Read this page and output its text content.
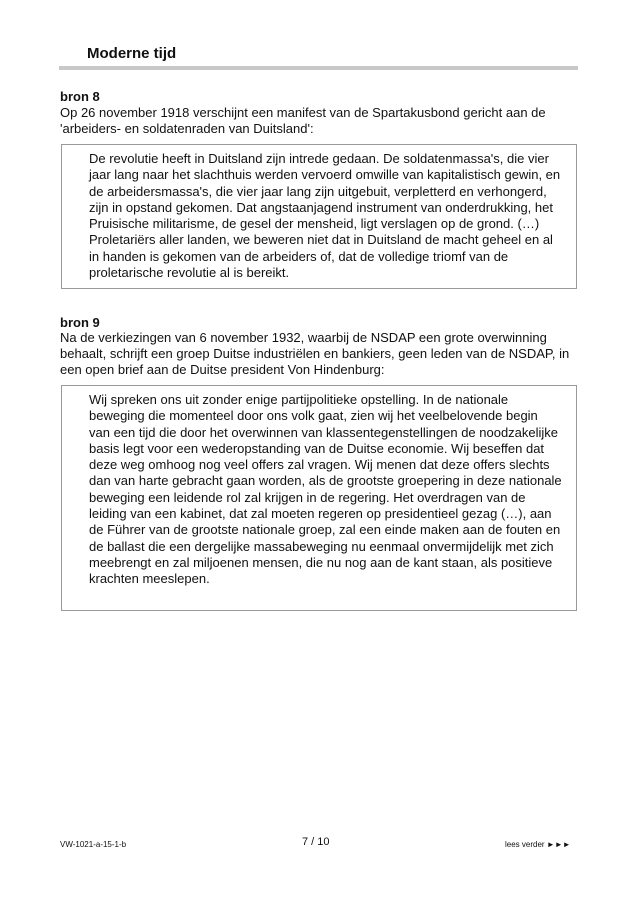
Moderne tijd
bron 8
Op 26 november 1918 verschijnt een manifest van de Spartakusbond gericht aan de 'arbeiders- en soldatenraden van Duitsland':
De revolutie heeft in Duitsland zijn intrede gedaan. De soldatenmassa's, die vier jaar lang naar het slachthuis werden vervoerd omwille van kapitalistisch gewin, en de arbeidersmassa's, die vier jaar lang zijn uitgebuit, verpletterd en verhongerd, zijn in opstand gekomen. Dat angstaanjagend instrument van onderdrukking, het Pruisische militarisme, de gesel der mensheid, ligt verslagen op de grond. (…) Proletariërs aller landen, we beweren niet dat in Duitsland de macht geheel en al in handen is gekomen van de arbeiders of, dat de volledige triomf van de proletarische revolutie al is bereikt.
bron 9
Na de verkiezingen van 6 november 1932, waarbij de NSDAP een grote overwinning behaalt, schrijft een groep Duitse industriëlen en bankiers, geen leden van de NSDAP, in een open brief aan de Duitse president Von Hindenburg:
Wij spreken ons uit zonder enige partijpolitieke opstelling. In de nationale beweging die momenteel door ons volk gaat, zien wij het veelbelovende begin van een tijd die door het overwinnen van klassentegenstellingen de noodzakelijke basis legt voor een wederopstanding van de Duitse economie. Wij beseffen dat deze weg omhoog nog veel offers zal vragen. Wij menen dat deze offers slechts dan van harte gebracht gaan worden, als de grootste groepering in deze nationale beweging een leidende rol zal krijgen in de regering. Het overdragen van de leiding van een kabinet, dat zal moeten regeren op presidentieel gezag (…), aan de Führer van de grootste nationale groep, zal een einde maken aan de fouten en de ballast die een dergelijke massabeweging nu eenmaal onvermijdelijk met zich meebrengt en zal miljoenen mensen, die nu nog aan de kant staan, als positieve krachten meeslepen.
VW-1021-a-15-1-b	7 / 10	lees verder ►►►
